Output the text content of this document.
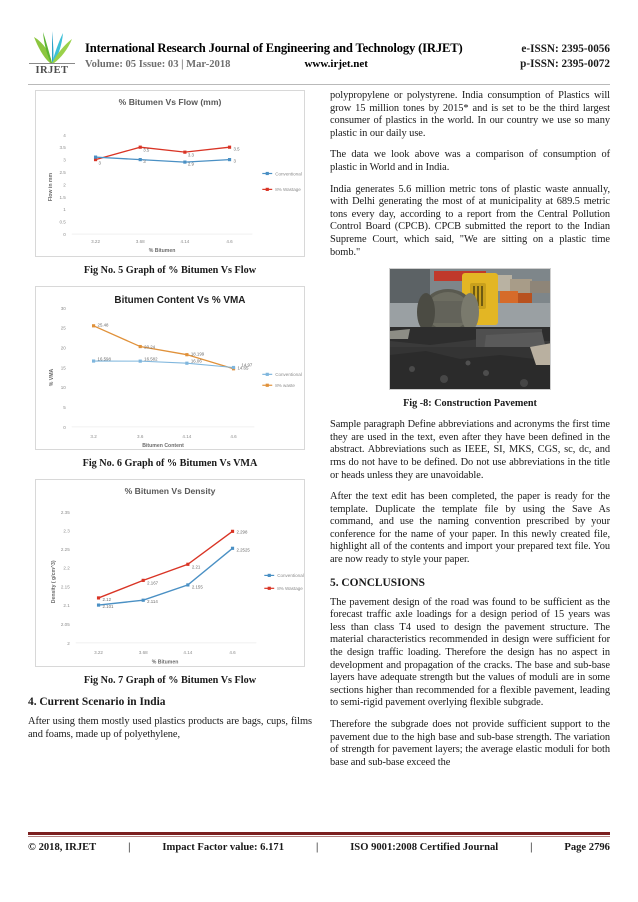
IRJET
International Research Journal of Engineering and Technology (IRJET)	e-ISSN: 2395-0056
Volume: 05 Issue: 03 | Mar-2018	www.irjet.net	p-ISSN: 2395-0072
% Bitumen Vs Flow (mm)
4
3.5
3
2.5
2
1.5
1
0.5
0
Flow in mm
3.22	3.68	4.14	4.6
% Bitumen
3
3.5
3.3
3.5
3	2.9
3
Conventional
8% Wastage
Fig No. 5 Graph of % Bitumen Vs Flow
Bitumen Content Vs % VMA
30
25
20
15
10
5
0
% VMA
3.2	3.6	4.14	4.6
Bitumen Content
25.48
20.24
18.199
14.65
16.598	16.582	16.06
14.97
Conventional
8% waste
Fig No. 6 Graph of % Bitumen Vs VMA
% Bitumen Vs Density
2.35
2.3
2.25
2.2
2.15
2.1
2.05
2
Density ( g/cm^3)
3.22	3.68	4.14	4.6
% Bitumen
2.12
2.167
2.21
2.298
2.101
2.114
2.155
2.2525
Conventional
8% Wastage
Fig No. 7 Graph of % Bitumen Vs Flow
4. Current Scenario in India

After using them mostly used plastics products are bags, cups, films and foams, made up of polyethylene,

polypropylene or polystyrene. India consumption of Plastics will grow 15 million tones by 2015* and is set to be the third largest consumer of plastics in the world. In our country we use so many plastic in our daily use.

The data we look above was a comparison of consumption of plastic in World and in India.

India generates 5.6 million metric tons of plastic waste annually, with Delhi generating the most of at municipality at 689.5 metric tons every day, according to a report from the Central Pollution Control Board (CPCB). CPCB submitted the report to the Indian Supreme Court, which said, "We are sitting on a plastic time bomb."

Fig -8: Construction Pavement

Sample paragraph Define abbreviations and acronyms the first time they are used in the text, even after they have been defined in the abstract. Abbreviations such as IEEE, SI, MKS, CGS, sc, dc, and rms do not have to be defined. Do not use abbreviations in the title or heads unless they are unavoidable.

After the text edit has been completed, the paper is ready for the template. Duplicate the template file by using the Save As command, and use the naming convention prescribed by your conference for the name of your paper. In this newly created file, highlight all of the contents and import your prepared text file. You are now ready to style your paper.

5. CONCLUSIONS

The pavement design of the road was found to be sufficient as the forecast traffic axle loadings for a design period of 15 years was less than class T4 used to design the pavement structure. The material characteristics recommended in design were sufficient for the design traffic loading. Therefore the design has no aspect in development and propagation of the cracks. The base and sub-base layers have adequate strength but the values of moduli are in some sections higher than recommended for a flexible pavement, leading to semi-rigid pavement overlying flexible subgrade.

Therefore the subgrade does not provide sufficient support to the pavement due to the high base and sub-base strength. The variation of strength for pavement layers; the average elastic moduli for both base and sub-base exceed the

© 2018, IRJET	|	Impact Factor value: 6.171	|	ISO 9001:2008 Certified Journal	|	Page 2796
